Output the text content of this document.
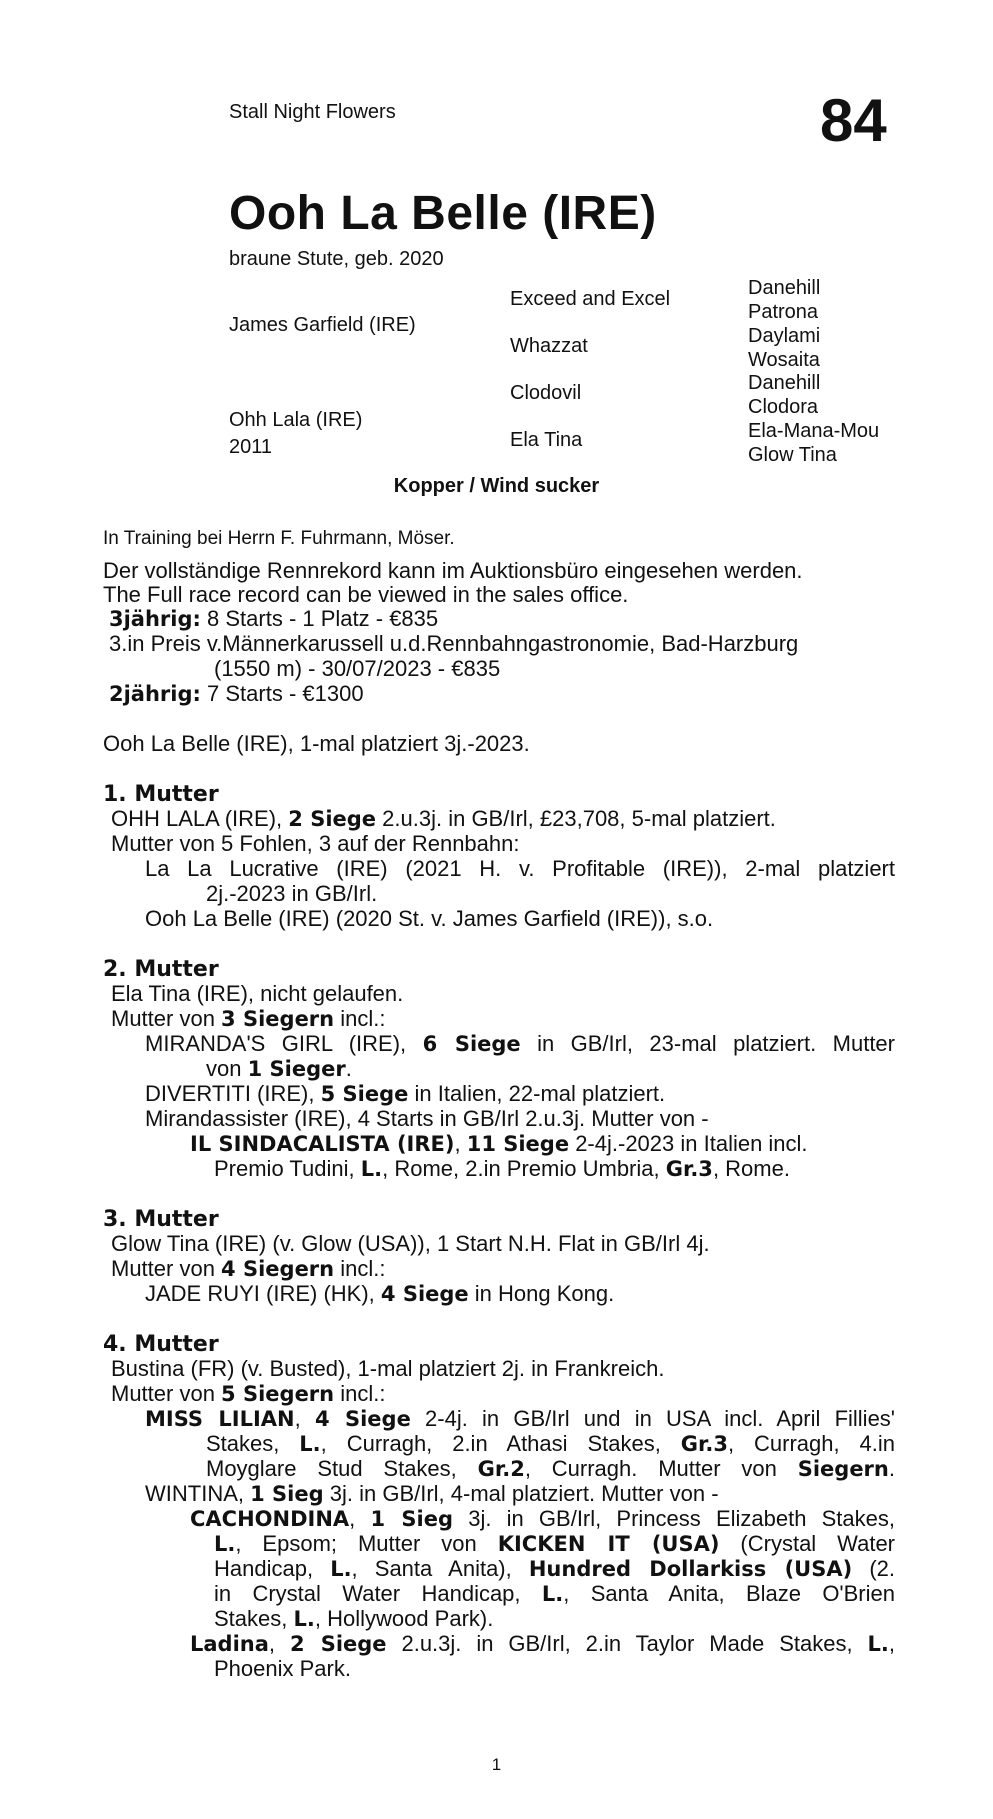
Stall Night Flowers	84
Ooh La Belle (IRE)
braune Stute, geb. 2020
James Garfield (IRE)
Ohh Lala (IRE)
2011
Exceed and Excel
Whazzat
Clodovil
Ela Tina
Danehill
Patrona
Daylami
Wosaita
Danehill
Clodora
Ela-Mana-Mou
Glow Tina
Kopper / Wind sucker
In Training bei Herrn F. Fuhrmann, Möser.
Der vollständige Rennrekord kann im Auktionsbüro eingesehen werden.
The Full race record can be viewed in the sales office.
3jährig: 8 Starts - 1 Platz - €835
3.in Preis v.Männerkarussell u.d.Rennbahngastronomie, Bad-Harzburg
(1550 m) - 30/07/2023 - €835
2jährig: 7 Starts - €1300
Ooh La Belle (IRE), 1-mal platziert 3j.-2023.
1. Mutter
OHH LALA (IRE), 2 Siege 2.u.3j. in GB/Irl, £23,708, 5-mal platziert.
Mutter von 5 Fohlen, 3 auf der Rennbahn:
La La Lucrative (IRE) (2021 H. v. Profitable (IRE)), 2-mal platziert
2j.-2023 in GB/Irl.
Ooh La Belle (IRE) (2020 St. v. James Garfield (IRE)), s.o.
2. Mutter
Ela Tina (IRE), nicht gelaufen.
Mutter von 3 Siegern incl.:
MIRANDA'S GIRL (IRE), 6 Siege in GB/Irl, 23-mal platziert. Mutter
von 1 Sieger.
DIVERTITI (IRE), 5 Siege in Italien, 22-mal platziert.
Mirandassister (IRE), 4 Starts in GB/Irl 2.u.3j. Mutter von -
IL SINDACALISTA (IRE), 11 Siege 2-4j.-2023 in Italien incl.
Premio Tudini, L., Rome, 2.in Premio Umbria, Gr.3, Rome.
3. Mutter
Glow Tina (IRE) (v. Glow (USA)), 1 Start N.H. Flat in GB/Irl 4j.
Mutter von 4 Siegern incl.:
JADE RUYI (IRE) (HK), 4 Siege in Hong Kong.
4. Mutter
Bustina (FR) (v. Busted), 1-mal platziert 2j. in Frankreich.
Mutter von 5 Siegern incl.:
MISS LILIAN, 4 Siege 2-4j. in GB/Irl und in USA incl. April Fillies'
Stakes, L., Curragh, 2.in Athasi Stakes, Gr.3, Curragh, 4.in
Moyglare Stud Stakes, Gr.2, Curragh. Mutter von Siegern.
WINTINA, 1 Sieg 3j. in GB/Irl, 4-mal platziert. Mutter von -
CACHONDINA, 1 Sieg 3j. in GB/Irl, Princess Elizabeth Stakes,
L., Epsom; Mutter von KICKEN IT (USA) (Crystal Water
Handicap, L., Santa Anita), Hundred Dollarkiss (USA) (2.
in Crystal Water Handicap, L., Santa Anita, Blaze O'Brien
Stakes, L., Hollywood Park).
Ladina, 2 Siege 2.u.3j. in GB/Irl, 2.in Taylor Made Stakes, L.,
Phoenix Park.
1
